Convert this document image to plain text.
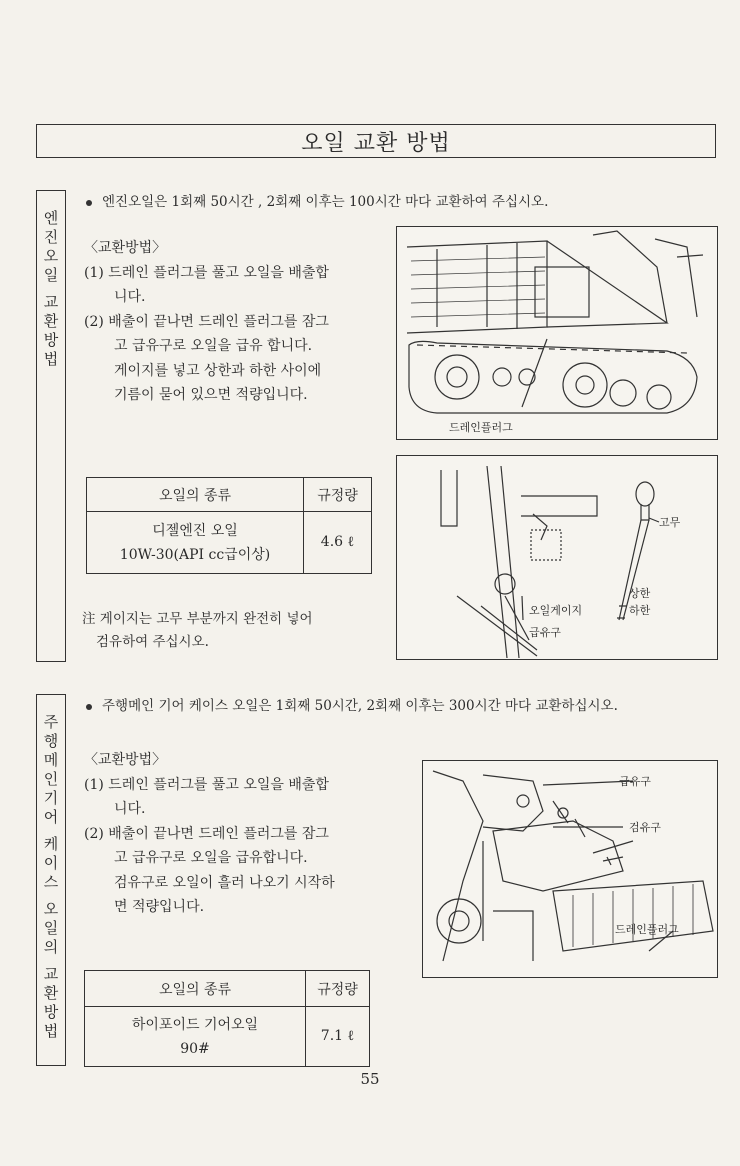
오일 교환 방법
엔
진
오
일

교
환
방
법
엔진오일은 1회째 50시간 , 2회째 이후는 100시간 마다 교환하여 주십시오.
〈교환방법〉
(1) 드레인 플러그를 풀고 오일을 배출합
니다.
(2) 배출이 끝나면 드레인 플러그를 잠그
고 급유구로 오일을 급유 합니다.
게이지를 넣고 상한과 하한 사이에
기름이 묻어 있으면 적량입니다.
오일의 종류	규정량

디젤엔진 오일
10W-30(API cc급이상)	4.6 ℓ
注 게이지는 고무 부분까지 완전히 넣어
검유하여 주십시오.
드레인플러그
고무
상한
하한
오일게이지
급유구
주
행
메
인
기
어

케
이
스

오
일
의

교
환
방
법
주행메인 기어 케이스 오일은 1회째 50시간, 2회째 이후는 300시간 마다 교환하십시오.
〈교환방법〉
(1) 드레인 플러그를 풀고 오일을 배출합
니다.
(2) 배출이 끝나면 드레인 플러그를 잠그
고 급유구로 오일을 급유합니다.
검유구로 오일이 흘러 나오기 시작하
면 적량입니다.
오일의 종류	규정량

하이포이드 기어오일
90#	7.1 ℓ
급유구
검유구
드레인플러그
55
